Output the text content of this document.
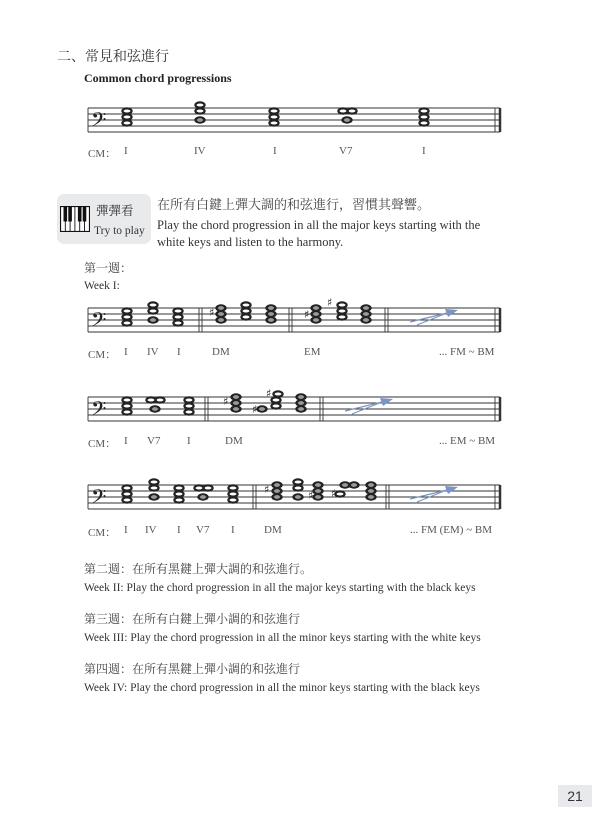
二、常見和弦進行
Common chord progressions
𝄢
CM： I	IV	I	V7	I
彈彈看
Try to play
在所有白鍵上彈大調的和弦進行，習慣其聲響。
Play the chord progression in all the major keys starting with the
white keys and listen to the harmony.
第一週：
Week I:
𝄢	♯	♯
♯
CM： I IV I	DM	EM	... FM ~ BM
𝄢	♯
♯
♯
CM： I V7 I	DM	... EM ~ BM
𝄢	♯	♯ ♯
CM： I IV I V7 I	DM	... FM (EM) ~ BM
第二週：在所有黑鍵上彈大調的和弦進行。
Week II: Play the chord progression in all the major keys starting with the black keys
第三週：在所有白鍵上彈小調的和弦進行
Week III: Play the chord progression in all the minor keys starting with the white keys
第四週：在所有黑鍵上彈小調的和弦進行
Week IV: Play the chord progression in all the minor keys starting with the black keys
21
